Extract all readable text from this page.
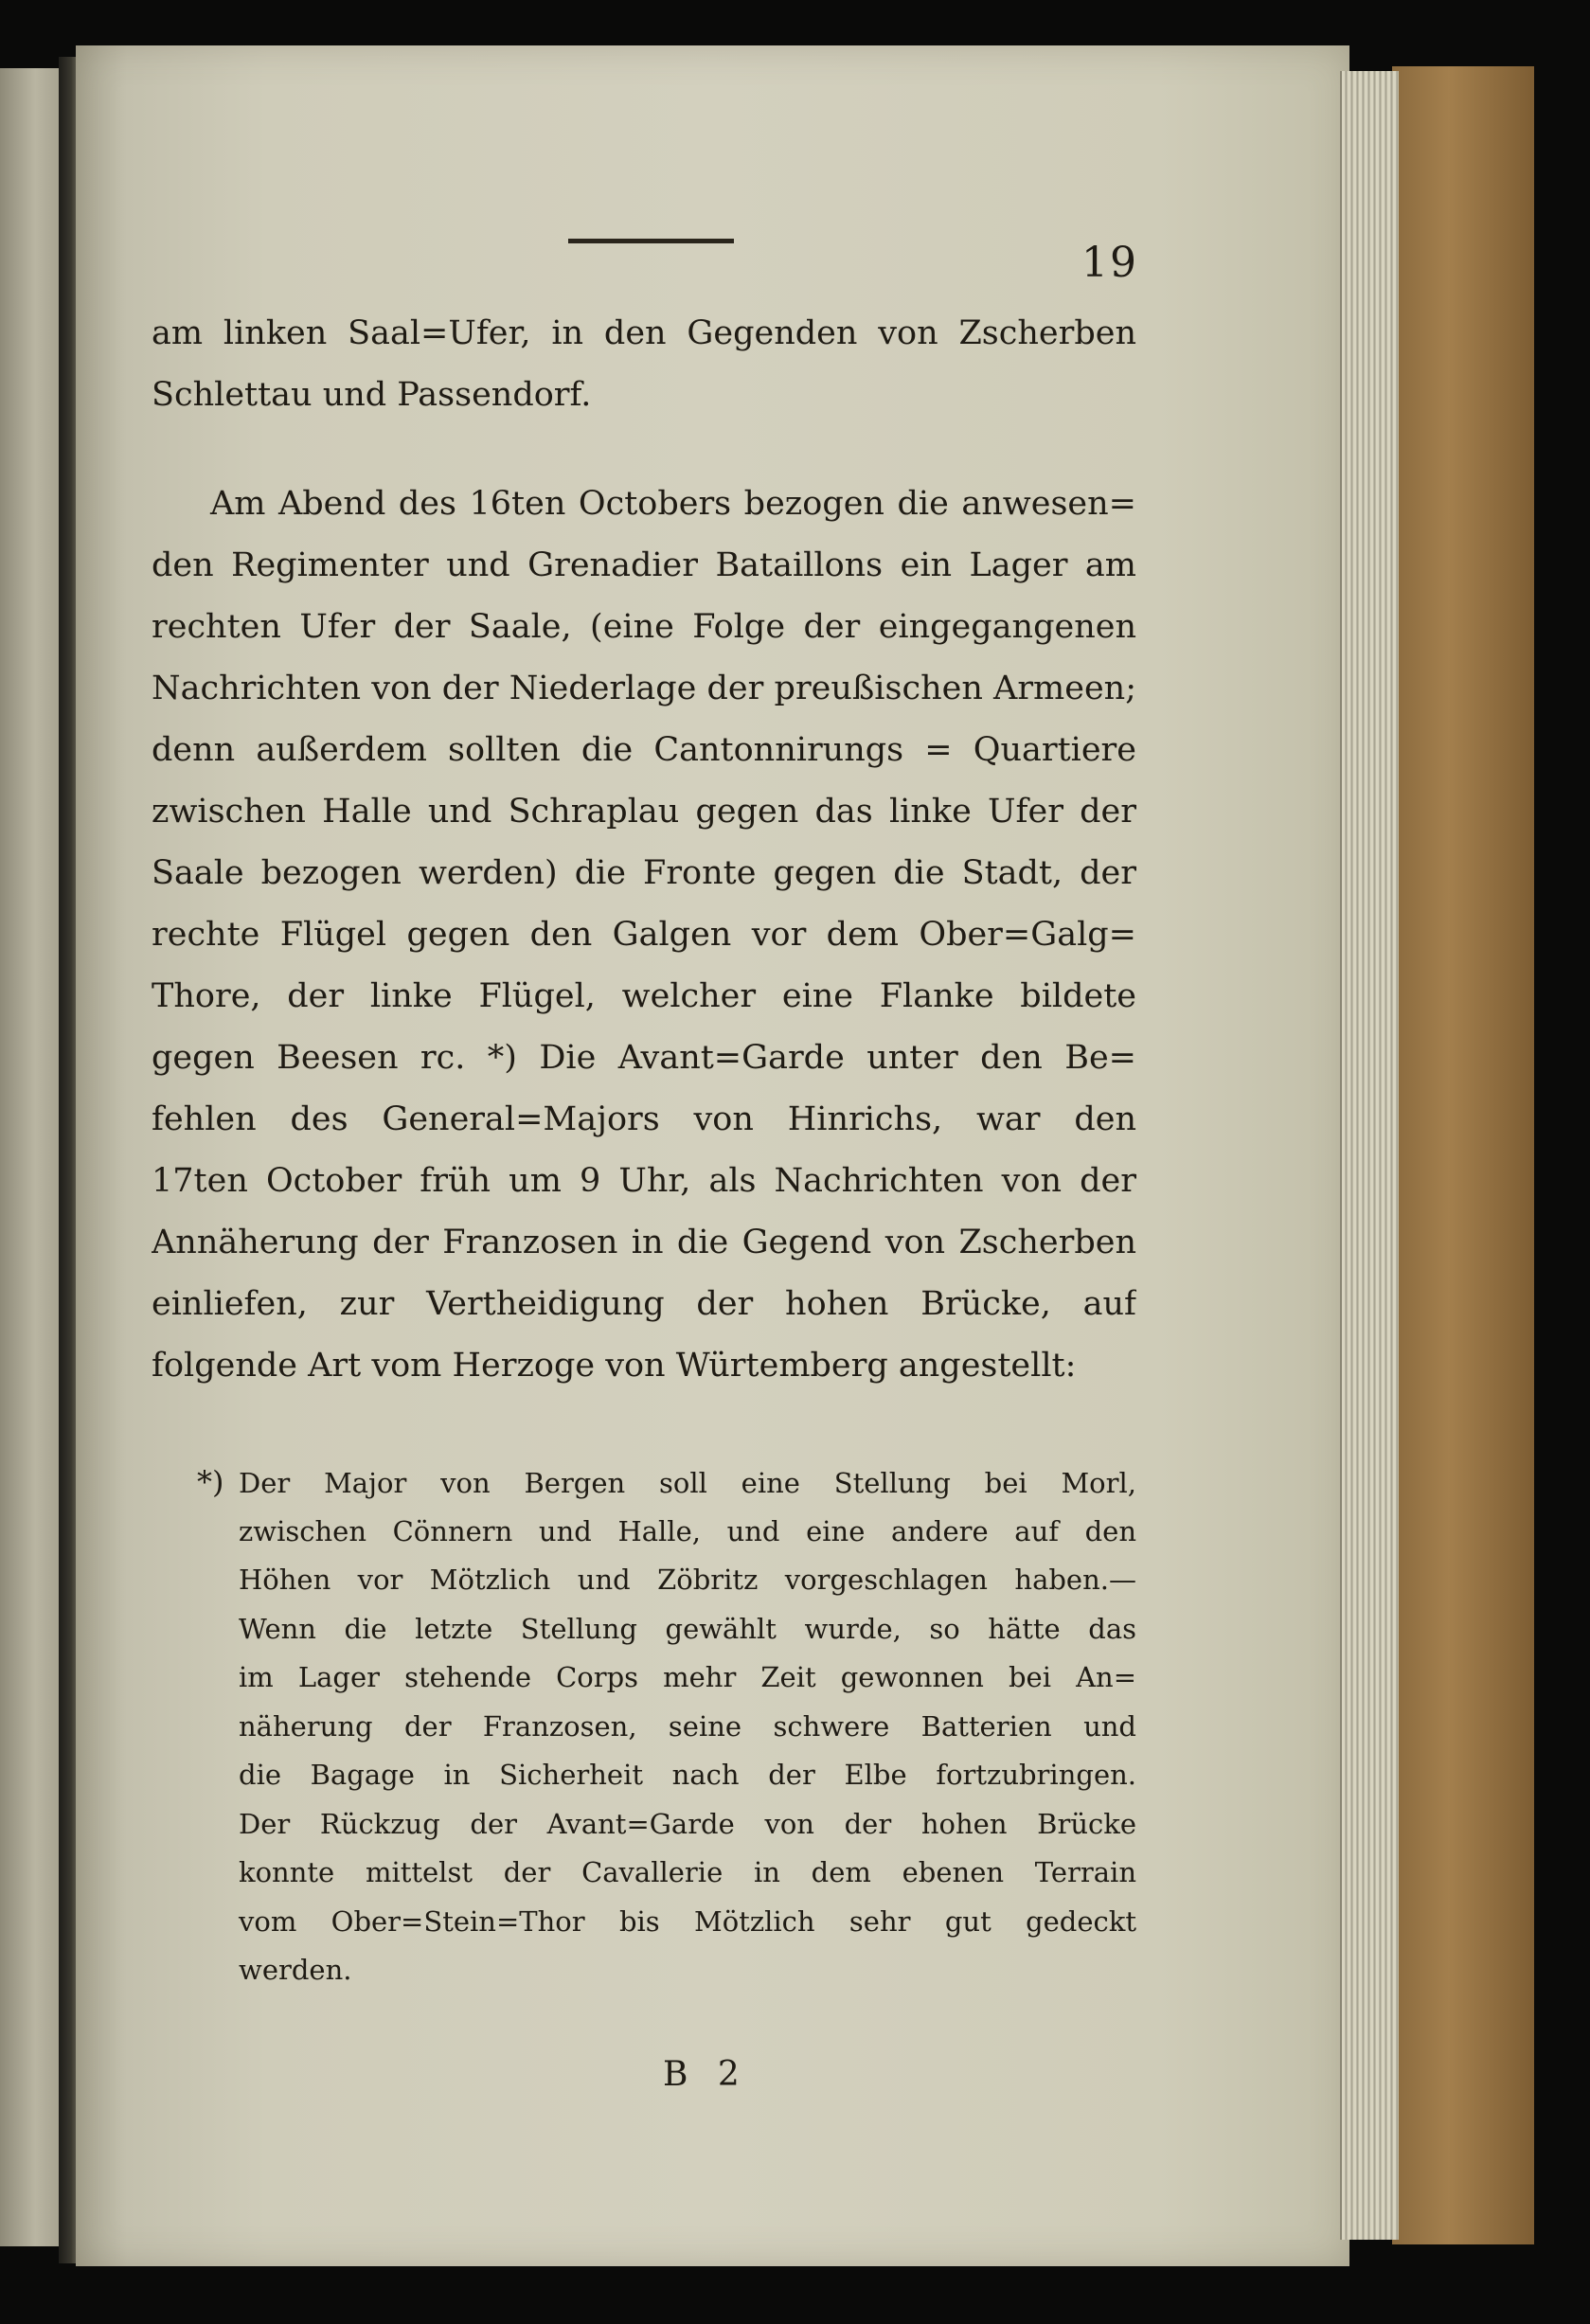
19
am linken Saal=Ufer, in den Gegenden von Zscherben
Schlettau und Passendorf.
Am Abend des 16ten Octobers bezogen die anwesen=
den Regimenter und Grenadier Bataillons ein Lager am
rechten Ufer der Saale, (eine Folge der eingegangenen
Nachrichten von der Niederlage der preußischen Armeen;
denn außerdem sollten die Cantonnirungs = Quartiere
zwischen Halle und Schraplau gegen das linke Ufer der
Saale bezogen werden) die Fronte gegen die Stadt, der
rechte Flügel gegen den Galgen vor dem Ober=Galg=
Thore, der linke Flügel, welcher eine Flanke bildete
gegen Beesen rc. *) Die Avant=Garde unter den Be=
fehlen des General=Majors von Hinrichs, war den
17ten October früh um 9 Uhr, als Nachrichten von der
Annäherung der Franzosen in die Gegend von Zscherben
einliefen, zur Vertheidigung der hohen Brücke, auf
folgende Art vom Herzoge von Würtemberg angestellt:
*) Der Major von Bergen soll eine Stellung bei Morl,
zwischen Cönnern und Halle, und eine andere auf den
Höhen vor Mötzlich und Zöbritz vorgeschlagen haben.—
Wenn die letzte Stellung gewählt wurde, so hätte das
im Lager stehende Corps mehr Zeit gewonnen bei An=
näherung der Franzosen, seine schwere Batterien und
die Bagage in Sicherheit nach der Elbe fortzubringen.
Der Rückzug der Avant=Garde von der hohen Brücke
konnte mittelst der Cavallerie in dem ebenen Terrain
vom Ober=Stein=Thor bis Mötzlich sehr gut gedeckt
werden.
B 2
